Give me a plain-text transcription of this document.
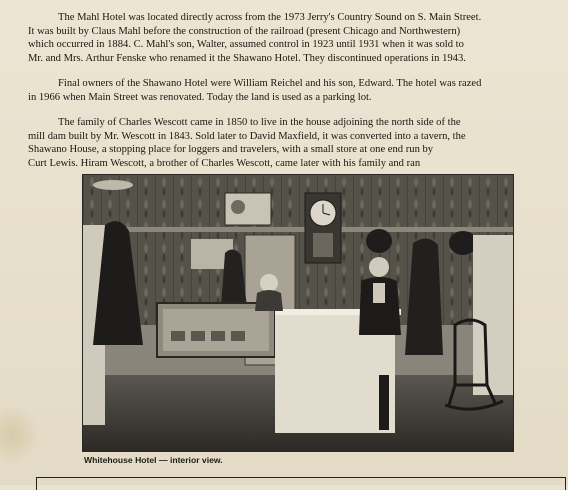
The Mahl Hotel was located directly across from the 1973 Jerry's Country Sound on S. Main Street.
It was built by Claus Mahl before the construction of the railroad (present Chicago and Northwestern)
which occurred in 1884. C. Mahl's son, Walter, assumed control in 1923 until 1931 when it was sold to
Mr. and Mrs. Arthur Fenske who renamed it the Shawano Hotel. They discontinued operations in 1943.

Final owners of the Shawano Hotel were William Reichel and his son, Edward. The hotel was razed
in 1966 when Main Street was renovated. Today the land is used as a parking lot.

The family of Charles Wescott came in 1850 to live in the house adjoining the north side of the
mill dam built by Mr. Wescott in 1843. Sold later to David Maxfield, it was converted into a tavern, the
Shawano House, a stopping place for loggers and travelers, with a small store at one end run by
Curt Lewis. Hiram Wescott, a brother of Charles Wescott, came later with his family and ran

Whitehouse Hotel — interior view.
